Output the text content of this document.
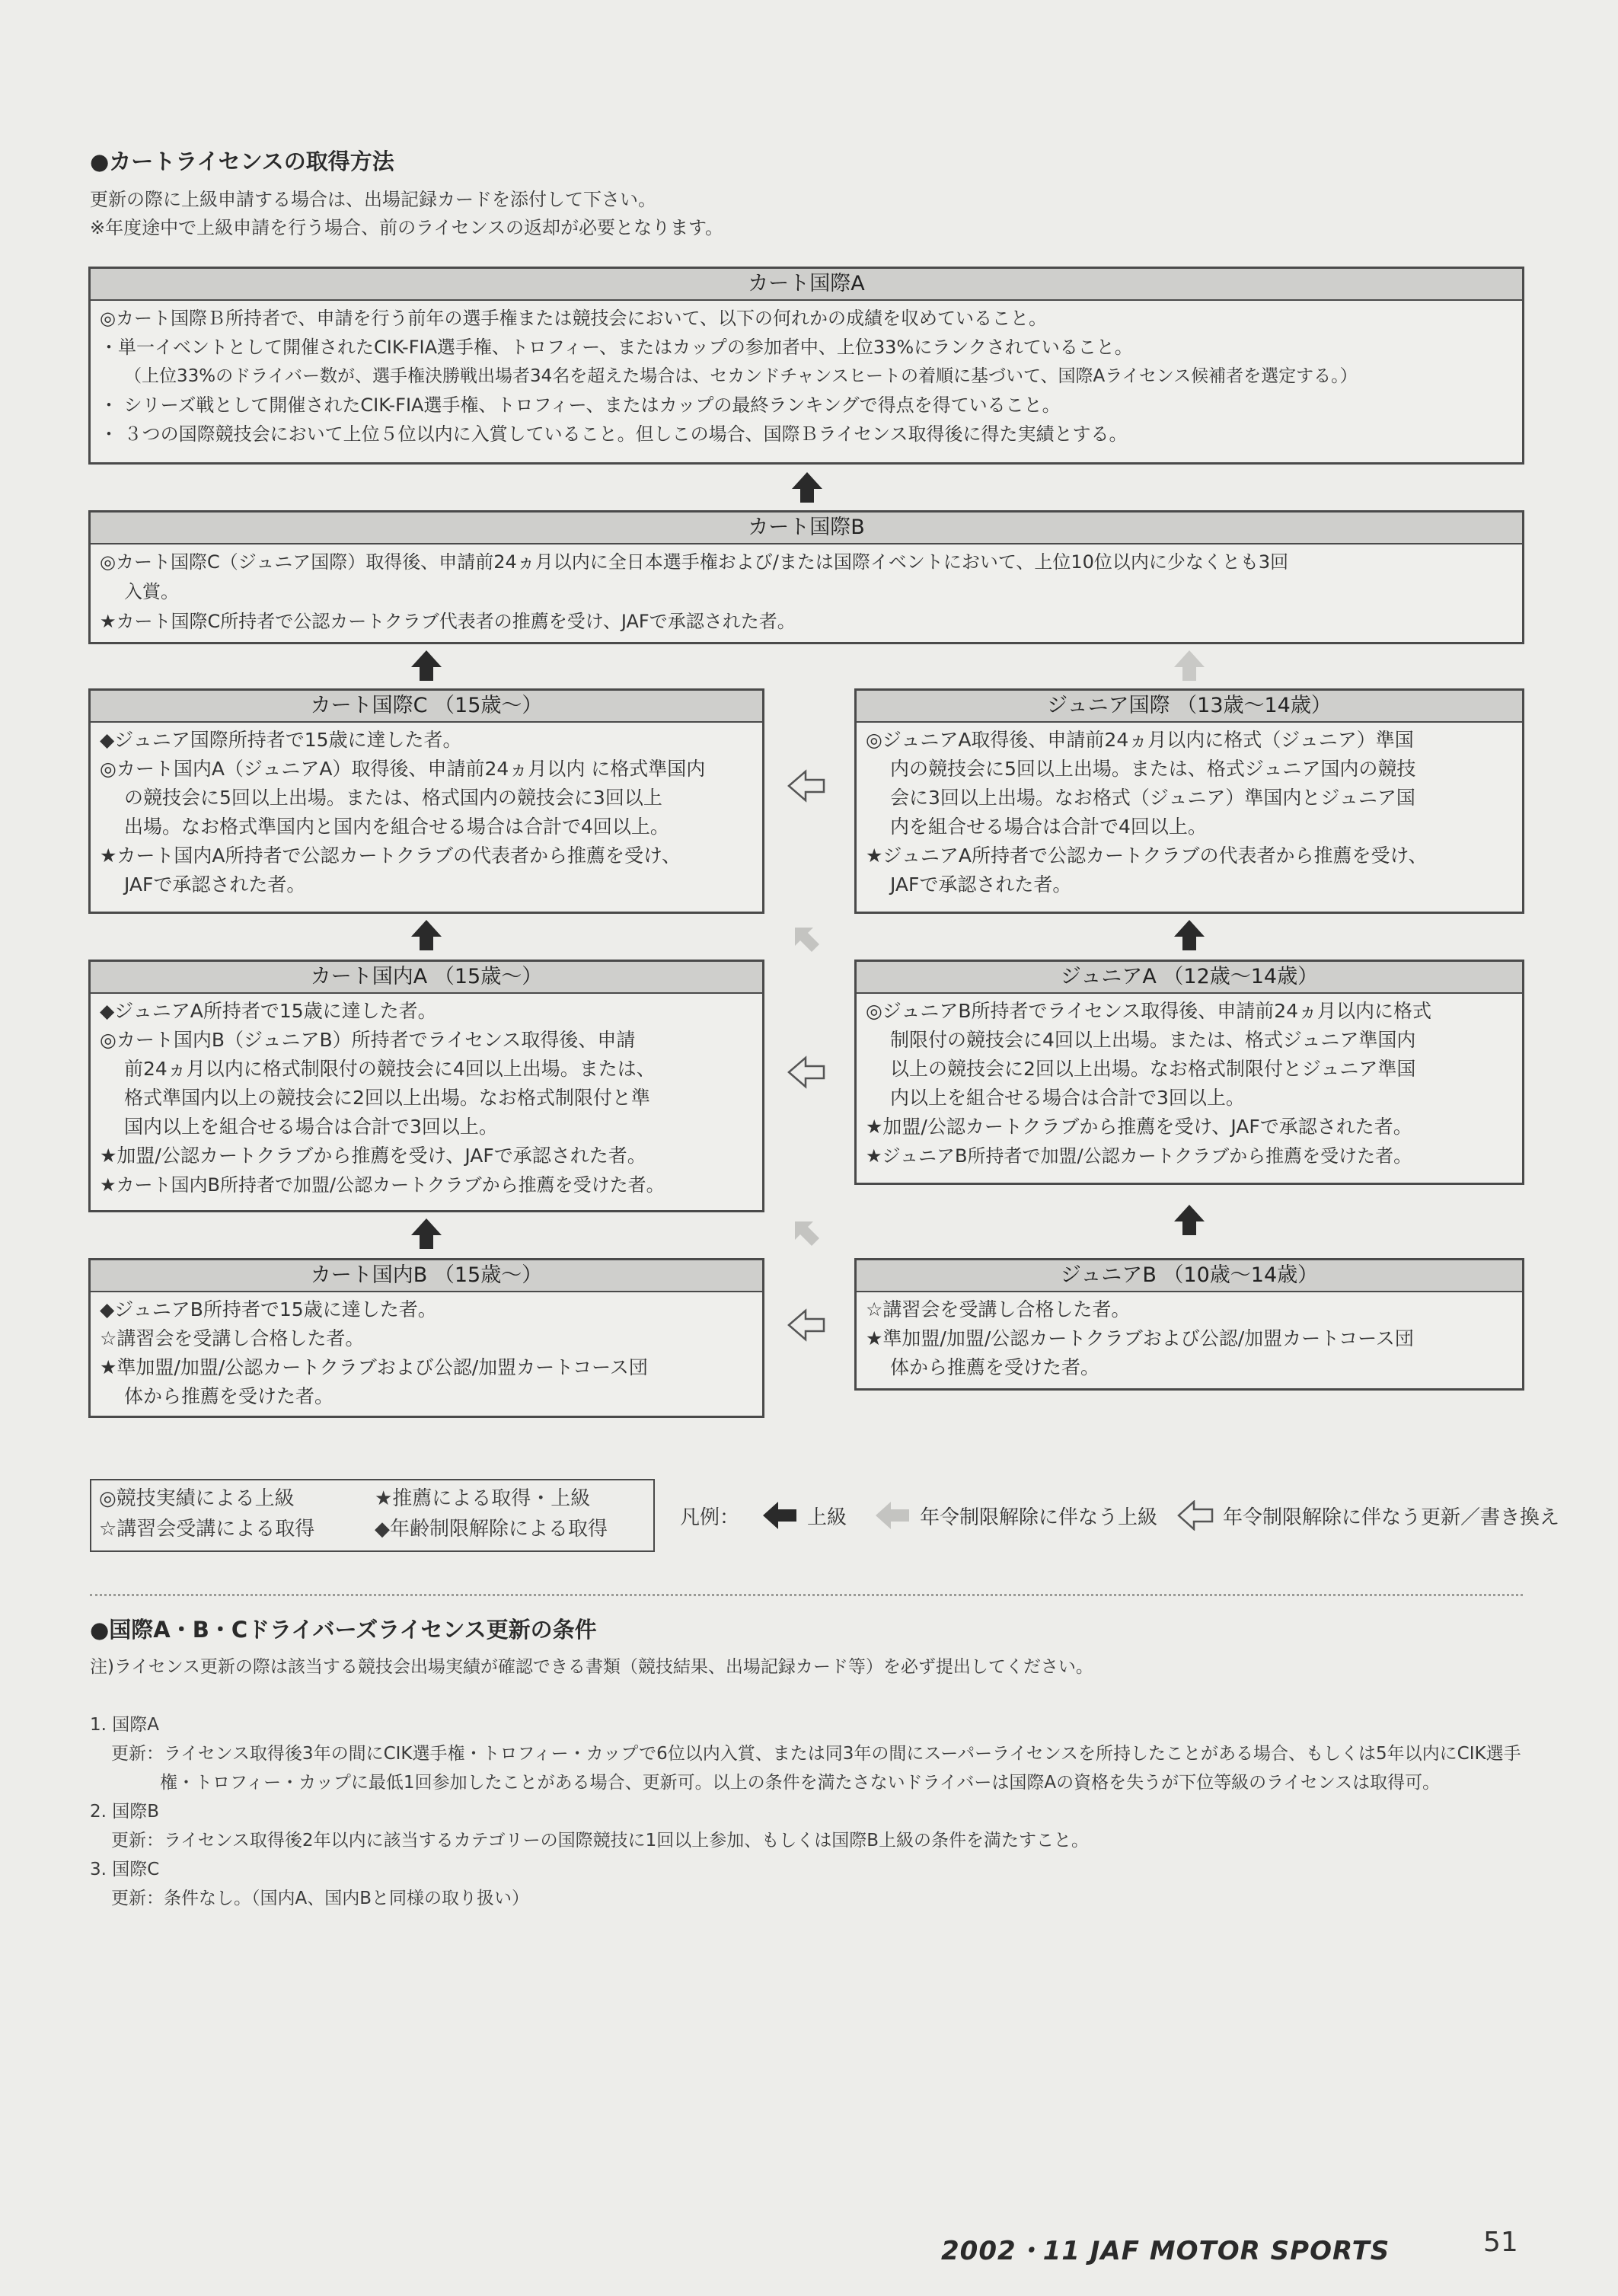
●カートライセンスの取得方法
更新の際に上級申請する場合は、出場記録カードを添付して下さい。
※年度途中で上級申請を行う場合、前のライセンスの返却が必要となります。
カート国際A
◎カート国際Ｂ所持者で、申請を行う前年の選手権または競技会において、以下の何れかの成績を収めていること。
・単一イベントとして開催されたCIK-FIA選手権、トロフィー、またはカップの参加者中、上位33%にランクされていること。
（上位33%のドライバー数が、選手権決勝戦出場者34名を超えた場合は、セカンドチャンスヒートの着順に基づいて、国際Aライセンス候補者を選定する。）
・ シリーズ戦として開催されたCIK-FIA選手権、トロフィー、またはカップの最終ランキングで得点を得ていること。
・ ３つの国際競技会において上位５位以内に入賞していること。但しこの場合、国際Ｂライセンス取得後に得た実績とする。
カート国際B
◎カート国際C（ジュニア国際）取得後、申請前24ヵ月以内に全日本選手権および/または国際イベントにおいて、上位10位以内に少なくとも3回
入賞。
★カート国際C所持者で公認カートクラブ代表者の推薦を受け、JAFで承認された者。
カート国際C （15歳〜）
◆ジュニア国際所持者で15歳に達した者。
◎カート国内A（ジュニアA）取得後、申請前24ヵ月以内 に格式準国内
の競技会に5回以上出場。または、格式国内の競技会に3回以上
出場。なお格式準国内と国内を組合せる場合は合計で4回以上。
★カート国内A所持者で公認カートクラブの代表者から推薦を受け、
JAFで承認された者。
ジュニア国際 （13歳〜14歳）
◎ジュニアA取得後、申請前24ヵ月以内に格式（ジュニア）準国
内の競技会に5回以上出場。または、格式ジュニア国内の競技
会に3回以上出場。なお格式（ジュニア）準国内とジュニア国
内を組合せる場合は合計で4回以上。
★ジュニアA所持者で公認カートクラブの代表者から推薦を受け、
JAFで承認された者。
カート国内A （15歳〜）
◆ジュニアA所持者で15歳に達した者。
◎カート国内B（ジュニアB）所持者でライセンス取得後、申請
前24ヵ月以内に格式制限付の競技会に4回以上出場。または、
格式準国内以上の競技会に2回以上出場。なお格式制限付と準
国内以上を組合せる場合は合計で3回以上。
★加盟/公認カートクラブから推薦を受け、JAFで承認された者。
★カート国内B所持者で加盟/公認カートクラブから推薦を受けた者。
ジュニアA （12歳〜14歳）
◎ジュニアB所持者でライセンス取得後、申請前24ヵ月以内に格式
制限付の競技会に4回以上出場。または、格式ジュニア準国内
以上の競技会に2回以上出場。なお格式制限付とジュニア準国
内以上を組合せる場合は合計で3回以上。
★加盟/公認カートクラブから推薦を受け、JAFで承認された者。
★ジュニアB所持者で加盟/公認カートクラブから推薦を受けた者。
カート国内B （15歳〜）
◆ジュニアB所持者で15歳に達した者。
☆講習会を受講し合格した者。
★準加盟/加盟/公認カートクラブおよび公認/加盟カートコース団
体から推薦を受けた者。
ジュニアB （10歳〜14歳）
☆講習会を受講し合格した者。
★準加盟/加盟/公認カートクラブおよび公認/加盟カートコース団
体から推薦を受けた者。
◎競技実績による上級	★推薦による取得・上級
☆講習会受講による取得	◆年齢制限解除による取得	凡例：	上級	年令制限解除に伴なう上級	年令制限解除に伴なう更新／書き換え
●国際A・B・Cドライバーズライセンス更新の条件
注)ライセンス更新の際は該当する競技会出場実績が確認できる書類（競技結果、出場記録カード等）を必ず提出してください。
1. 国際A
更新：ライセンス取得後3年の間にCIK選手権・トロフィー・カップで6位以内入賞、または同3年の間にスーパーライセンスを所持したことがある場合、もしくは5年以内にCIK選手
権・トロフィー・カップに最低1回参加したことがある場合、更新可。以上の条件を満たさないドライバーは国際Aの資格を失うが下位等級のライセンスは取得可。
2. 国際B
更新：ライセンス取得後2年以内に該当するカテゴリーの国際競技に1回以上参加、もしくは国際B上級の条件を満たすこと。
3. 国際C
更新：条件なし。（国内A、国内Bと同様の取り扱い）
2002・11 JAF MOTOR SPORTS	51
